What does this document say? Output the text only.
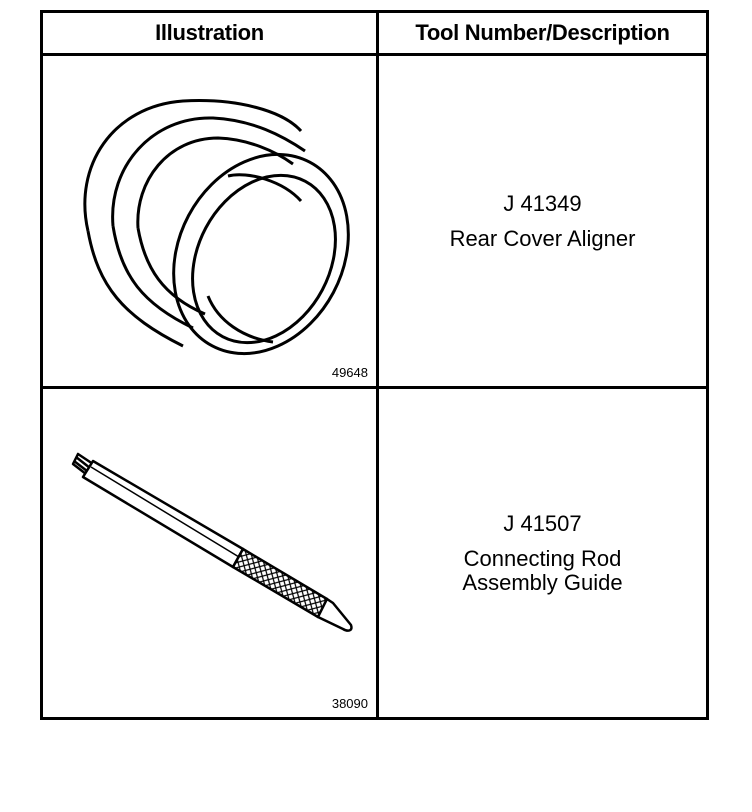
Illustration	Tool Number/Description
49648
J 41349
Rear Cover Aligner
38090
J 41507
Connecting Rod
Assembly Guide
